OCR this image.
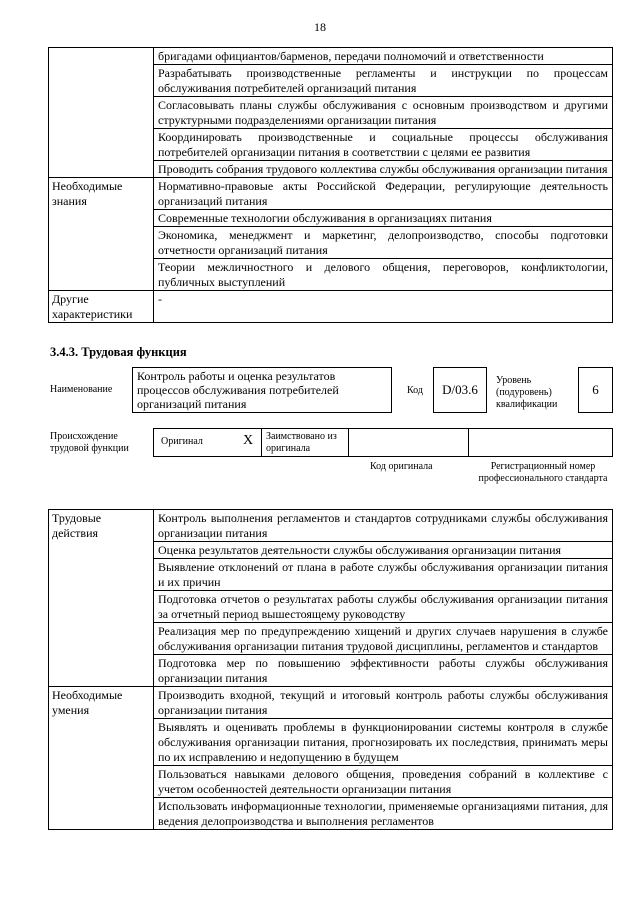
18
	бригадами официантов/барменов, передачи полномочий и ответственности
	Разрабатывать производственные регламенты и инструкции по процессам обслуживания потребителей организаций питания
	Согласовывать планы службы обслуживания с основным производством и другими структурными подразделениями организации питания
	Координировать производственные и социальные процессы обслуживания потребителей организации питания в соответствии с целями ее развития
	Проводить собрания трудового коллектива службы обслуживания организации питания
Необходимые знания	Нормативно-правовые акты Российской Федерации, регулирующие деятельность организаций питания
	Современные технологии обслуживания в организациях питания
	Экономика, менеджмент и маркетинг, делопроизводство, способы подготовки отчетности организаций питания
	Теории межличностного и делового общения, переговоров, конфликтологии, публичных выступлений
Другие характеристики	-
3.4.3. Трудовая функция
Наименование
Контроль работы и оценка результатов процессов обслуживания потребителей организаций питания
Код	D/03.6
Уровень (подуровень) квалификации
6
Происхождение трудовой функции
Оригинал	X Заимствовано из оригинала
Код оригинала	Регистрационный номер профессионального стандарта
Трудовые действия	Контроль выполнения регламентов и стандартов сотрудниками службы обслуживания организации питания
	Оценка результатов деятельности службы обслуживания организации питания
	Выявление отклонений от плана в работе службы обслуживания организации питания и их причин
	Подготовка отчетов о результатах работы службы обслуживания организации питания за отчетный период вышестоящему руководству
	Реализация мер по предупреждению хищений и других случаев нарушения в службе обслуживания организации питания трудовой дисциплины, регламентов и стандартов
	Подготовка мер по повышению эффективности работы службы обслуживания организации питания
Необходимые умения	Производить входной, текущий и итоговый контроль работы службы обслуживания организации питания
	Выявлять и оценивать проблемы в функционировании системы контроля в службе обслуживания организации питания, прогнозировать их последствия, принимать меры по их исправлению и недопущению в будущем
	Пользоваться навыками делового общения, проведения собраний в коллективе с учетом особенностей деятельности организации питания
	Использовать информационные технологии, применяемые организациями питания, для ведения делопроизводства и выполнения регламентов
